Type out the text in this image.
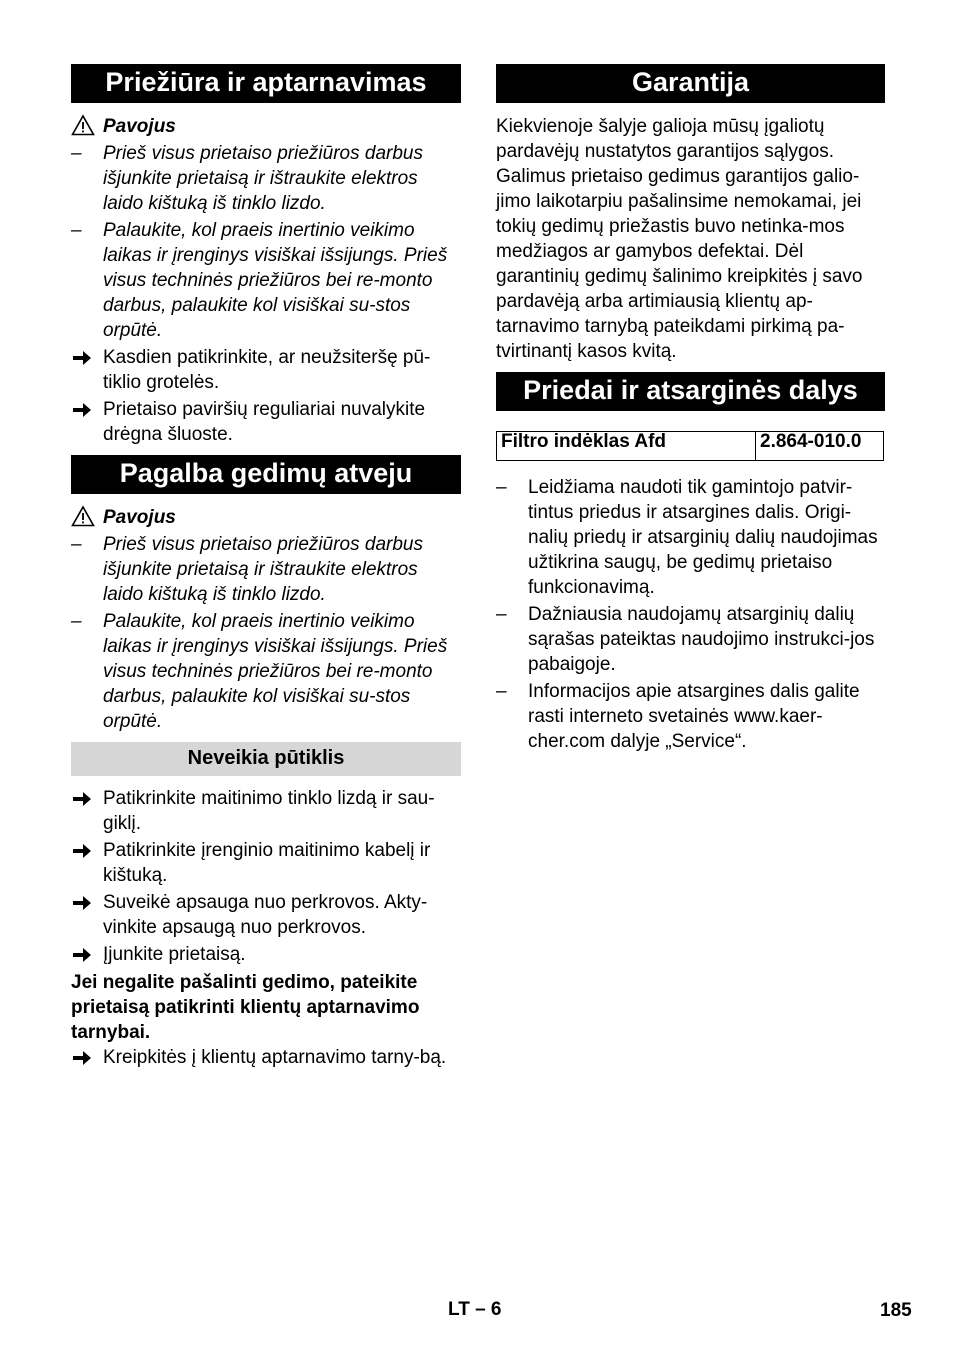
Priežiūra ir aptarnavimas
Pavojus
–	Prieš visus prietaiso priežiūros darbus išjunkite prietaisą ir ištraukite elektros laido kištuką iš tinklo lizdo.
–	Palaukite, kol praeis inertinio veikimo laikas ir įrenginys visiškai išsijungs. Prieš visus techninės priežiūros bei re-monto darbus, palaukite kol visiškai su-stos orpūtė.
Kasdien patikrinkite, ar neužsiteršę pū-tiklio grotelės.
Prietaiso paviršių reguliariai nuvalykite drėgna šluoste.
Pagalba gedimų atveju
Pavojus
–	Prieš visus prietaiso priežiūros darbus išjunkite prietaisą ir ištraukite elektros laido kištuką iš tinklo lizdo.
–	Palaukite, kol praeis inertinio veikimo laikas ir įrenginys visiškai išsijungs. Prieš visus techninės priežiūros bei re-monto darbus, palaukite kol visiškai su-stos orpūtė.
Neveikia pūtiklis
Patikrinkite maitinimo tinklo lizdą ir sau-giklį.
Patikrinkite įrenginio maitinimo kabelį ir kištuką.
Suveikė apsauga nuo perkrovos. Akty-vinkite apsaugą nuo perkrovos.
Įjunkite prietaisą.

Jei negalite pašalinti gedimo, pateikite prietaisą patikrinti klientų aptarnavimo tarnybai.

Kreipkitės į klientų aptarnavimo tarny-bą.
Garantija

Kiekvienoje šalyje galioja mūsų įgaliotų pardavėjų nustatytos garantijos sąlygos. Galimus prietaiso gedimus garantijos galio-jimo laikotarpiu pašalinsime nemokamai, jei tokių gedimų priežastis buvo netinka-mos medžiagos ar gamybos defektai. Dėl garantinių gedimų šalinimo kreipkitės į savo pardavėją arba artimiausią klientų ap-tarnavimo tarnybą pateikdami pirkimą pa-tvirtinantį kasos kvitą.

Priedai ir atsarginės dalys
Filtro indėklas Afd	2.864-010.0
–	Leidžiama naudoti tik gamintojo patvir-tintus priedus ir atsargines dalis. Origi-nalių priedų ir atsarginių dalių naudojimas užtikrina saugų, be gedimų prietaiso funkcionavimą.
–	Dažniausia naudojamų atsarginių dalių sąrašas pateiktas naudojimo instrukci-jos pabaigoje.
–	Informacijos apie atsargines dalis galite rasti interneto svetainės www.kaer-cher.com dalyje „Service“.
LT – 6	185
